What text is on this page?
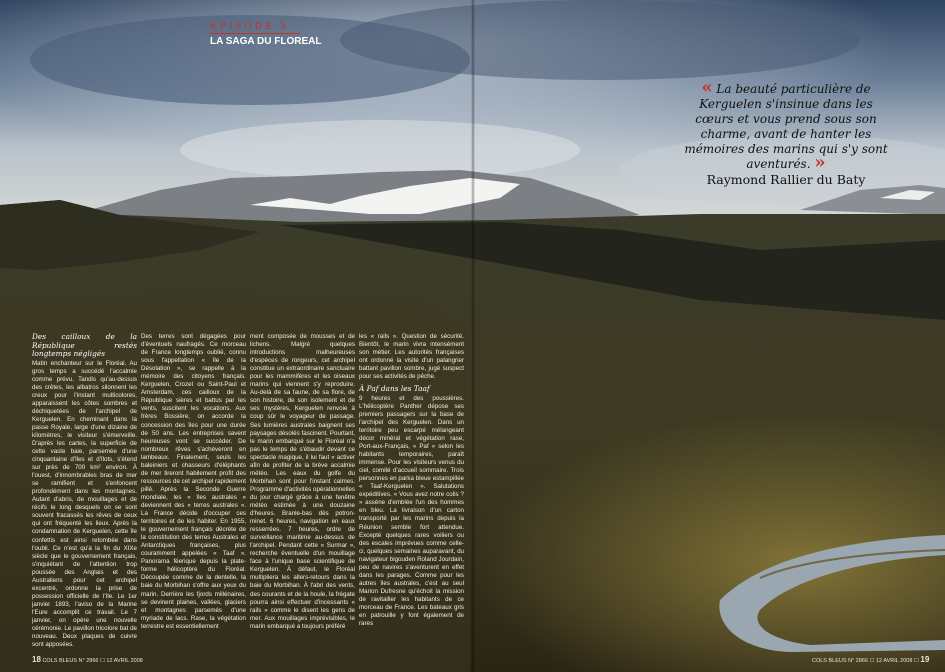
EPISODE 5
LA SAGA DU FLOREAL
« La beauté particulière de Kerguelen s'insinue dans les cœurs et vous prend sous son charme, avant de hanter les mémoires des marins qui s'y sont aventurés. »
Raymond Rallier du Baty
Des cailloux de la République restés longtemps négligés
Matin enchanteur sur le Floréal. Au gros temps a succédé l'accalmie comme prévu. Tandis qu'au-dessus des crêtes, les albatros silonnent les creux pour l'instant multicolores, apparaissent les côtes sombres et déchiquetées de l'archipel de Kerguelen. En cheminant dans la passe Royale, large d'une dizaine de kilomètres, le visiteur s'émerveille. D'après les cartes, la superficie de cette vaste baie, parsemée d'une cinquantaine d'îles et d'îlots, s'étend sur près de 700 km² environ. À l'ouest, d'innombrables bras de mer se ramifient et s'enfoncent profondément dans les montagnes. Autant d'abris, de mouillages et de récifs le long desquels on se sont souvent fracassés les rêves de ceux qui ont fréquenté les lieux. Après la condamnation de Kerguelen, cette île confettis est ainsi retombée dans l'oubli. Ce n'est qu'à la fin du XIXe siècle que le gouvernement français, s'inquiétant de l'attention trop poussée des Anglais et des Australiens pour cet archipel excentré, ordonne la prise de possession officielle de l'île. Le 1er janvier 1893, l'aviso de la Marine l'Eure accomplit ce travail. Le 7 janvier, on opère une nouvelle cérémonie. Le pavillon tricolore bat de nouveau. Deux plaques de cuivre sont apposées.
Des terres sont dégagées pour d'éventuels naufragés. Ce morceau de France longtemps oublié, connu sous l'appellation « île de la Désolation », se rappelle à la mémoire des citoyens français. Kerguelen, Crozet ou Saint-Paul et Amsterdam, ces cailloux de la République sières et battus par les vents, suscitent les vocations. Aux frères Bossière, on accorde la concession des îles pour une durée de 50 ans. Les entreprises savent heureuses vont se succéder. De nombreux rêves s'achèveront en lambeaux. Finalement, seuls les baleiniers et chasseurs d'éléphants de mer tireront habilement profit des ressources de cet archipel rapidement pillé. Après la Seconde Guerre mondiale, les « îles australes » deviennent des « terres australes ». La France décide d'occuper ces territoires et de les habiter. En 1955, le gouvernement français décrète de la constitution des terres Australes et Antarctiques françaises, plus couramment appelées « Taaf ». Panorama féerique depuis la plate-forme hélicoptère du Floréal. Découpée comme de la dentelle, la baie du Morbihan s'offre aux yeux du marin. Derrière les fjords millénaires, se devinent plaines, vallées, glaciers et montagnes parsemés d'une myriade de lacs. Rase, la végétation terrestre est essentiellement
ment composée de mousses et de lichens. Malgré quelques introductions malheureuses d'espèces de rongeurs, cet archipel constitue un extraordinaire sanctuaire pour les mammifères et les oiseaux marins qui viennent s'y reproduire. Au-delà de sa faune, de sa flore, de son histoire, de son isolement et de ses mystères, Kerguelen renvoie à coup sûr le voyageur de passage. Ses lumières australes baignent ses paysages désolés fascinent. Pourtant, le marin embarqué sur le Floréal n'a pas le temps de s'ébaudir devant ce spectacle magique, il lui faut « activer afin de profiter de la brève accalmie météo. Les eaux du golfe du Morbihan sont pour l'instant calmes. Programme d'activités opérationnelles du jour chargé grâce à une fenêtre météo estimée à une douzaine d'heures. Branle-bas dès potron-minet. 6 heures, navigation en eaux resserrées. 7 heures, ordre de surveillance maritime au-dessus de l'archipel. Pendant cette « Surmar », recherche éventuelle d'un mouillage face à l'unique base scientifique de Kerguelen. À défaut, le Floréal multipliera les allers-retours dans la baie du Morbihan. À l'abri des vents, des courants et de la houle, la frégate pourra ainsi effectuer d'incessants « rails » comme le disent les gens de mer. Aux mouillages imprévisibles, le marin embarqué a toujours préféré
les « rails ». Question de sécurité. Bientôt, le marin vivra intensément son métier. Les autorités françaises ont ordonné la visite d'un palangrier battant pavillon sombre, jugé suspect pour ses activités de pêche.
À Paf dans les Taaf
9 heures et des poussières. L'hélicoptère Panther dépose ses premiers passagers sur la base de l'archipel des Kerguelen. Dans un territoire peu escarpé mélangeant décor minéral et végétation rase, Port-aux-Français, « Paf » selon les habitants temporaires, paraît immense. Pour les visiteurs venus du ciel, comité d'accueil sommaire. Trois personnes en parka bleue estampillée « Taaf-Kerguelen ». Salutations expéditives. « Vous avez notre colis ? » assène d'emblée l'un des hommes en bleu. La livraison d'un carton transporté par les marins depuis la Réunion semble fort attendue. Excepté quelques rares voiliers ou des escales imprévues comme celle-ci, quelques semaines auparavant, du navigateur bigouden Roland Jourdain, peu de navires s'aventurent en effet dans les parages. Comme pour les autres îles australes, c'est au seul Marion Dufresne qu'échoit la mission de ravitailler les habitants de ce morceau de France. Les bateaux gris en patrouille y font également de rares
18 COLS BLEUS N° 2866 ☐ 12 AVRIL 2008	COLS BLEUS N° 2866 ☐ 12 AVRIL 2008 ☐ 19
